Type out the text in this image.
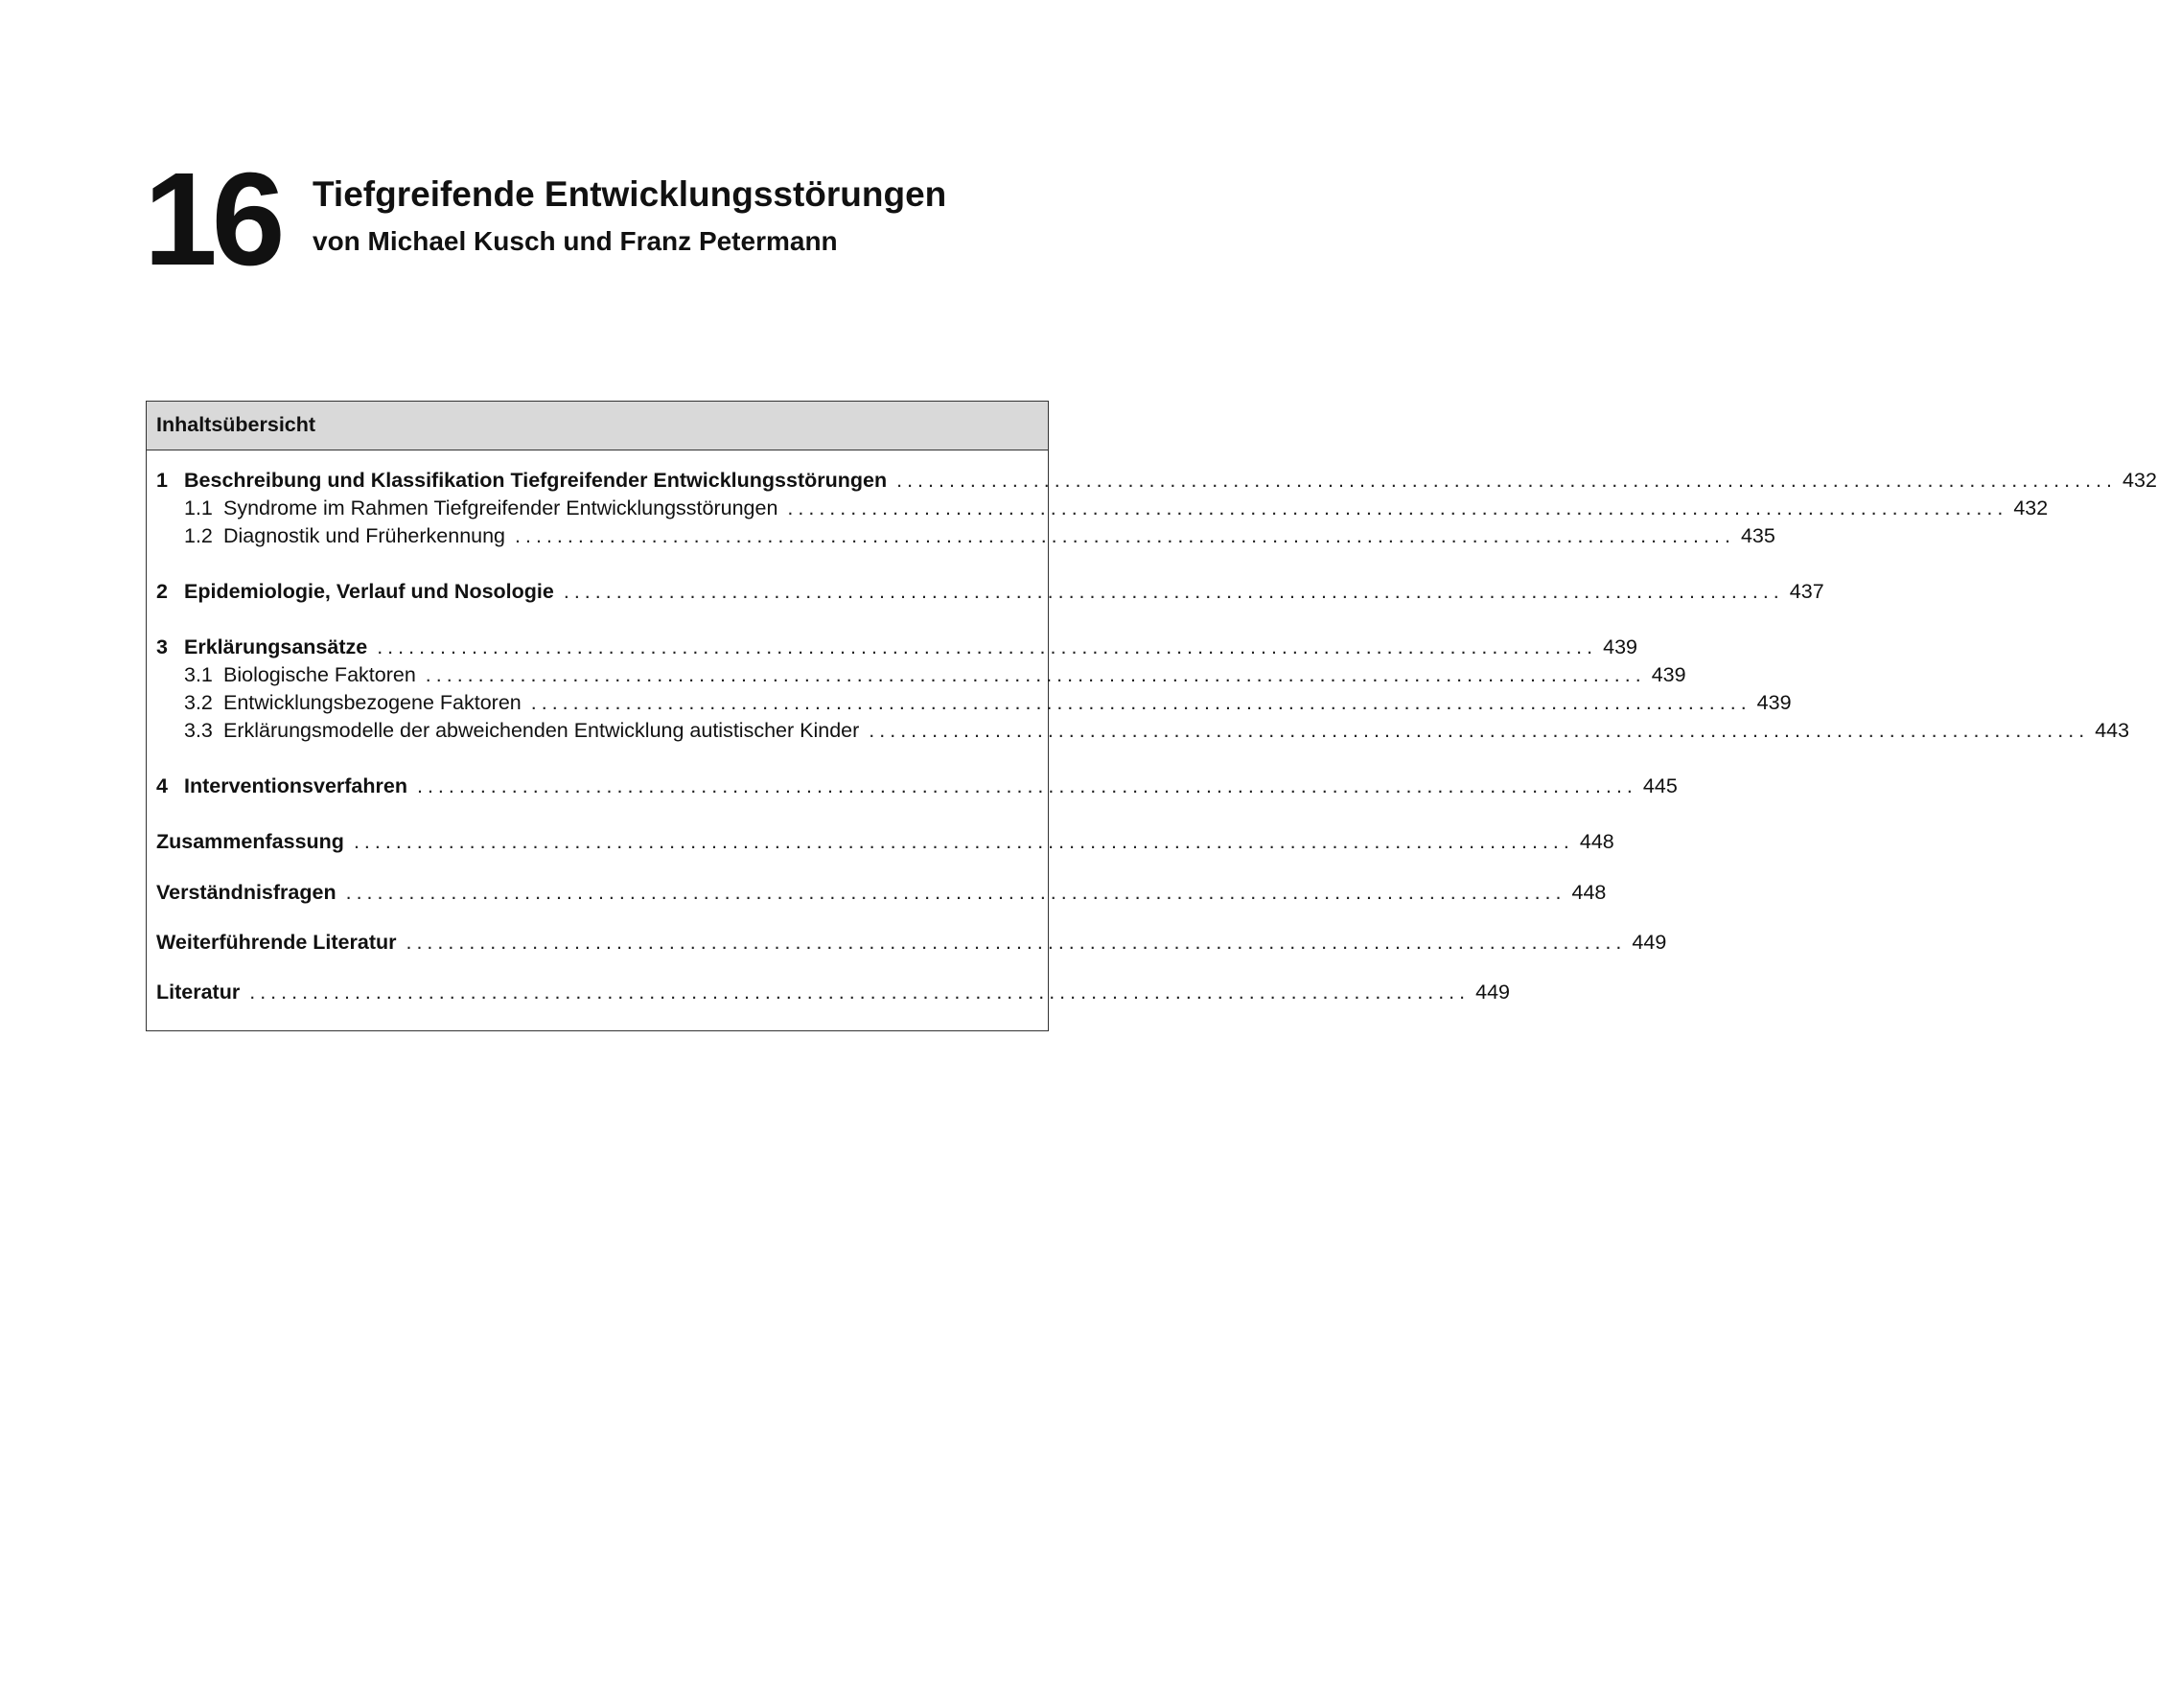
16 Tiefgreifende Entwicklungsstörungen
von Michael Kusch und Franz Petermann
Inhaltsübersicht
1 Beschreibung und Klassifikation Tiefgreifender Entwicklungsstörungen .................................................................................................................... 432
1.1 Syndrome im Rahmen Tiefgreifender Entwicklungsstörungen .................................................................................................................... 432
1.2 Diagnostik und Früherkennung .................................................................................................................... 435
2 Epidemiologie, Verlauf und Nosologie .................................................................................................................... 437
3 Erklärungsansätze .................................................................................................................... 439
3.1 Biologische Faktoren .................................................................................................................... 439
3.2 Entwicklungsbezogene Faktoren .................................................................................................................... 439
3.3 Erklärungsmodelle der abweichenden Entwicklung autistischer Kinder .................................................................................................................... 443
4 Interventionsverfahren .................................................................................................................... 445
Zusammenfassung .................................................................................................................... 448
Verständnisfragen .................................................................................................................... 448
Weiterführende Literatur .................................................................................................................... 449
Literatur .................................................................................................................... 449
